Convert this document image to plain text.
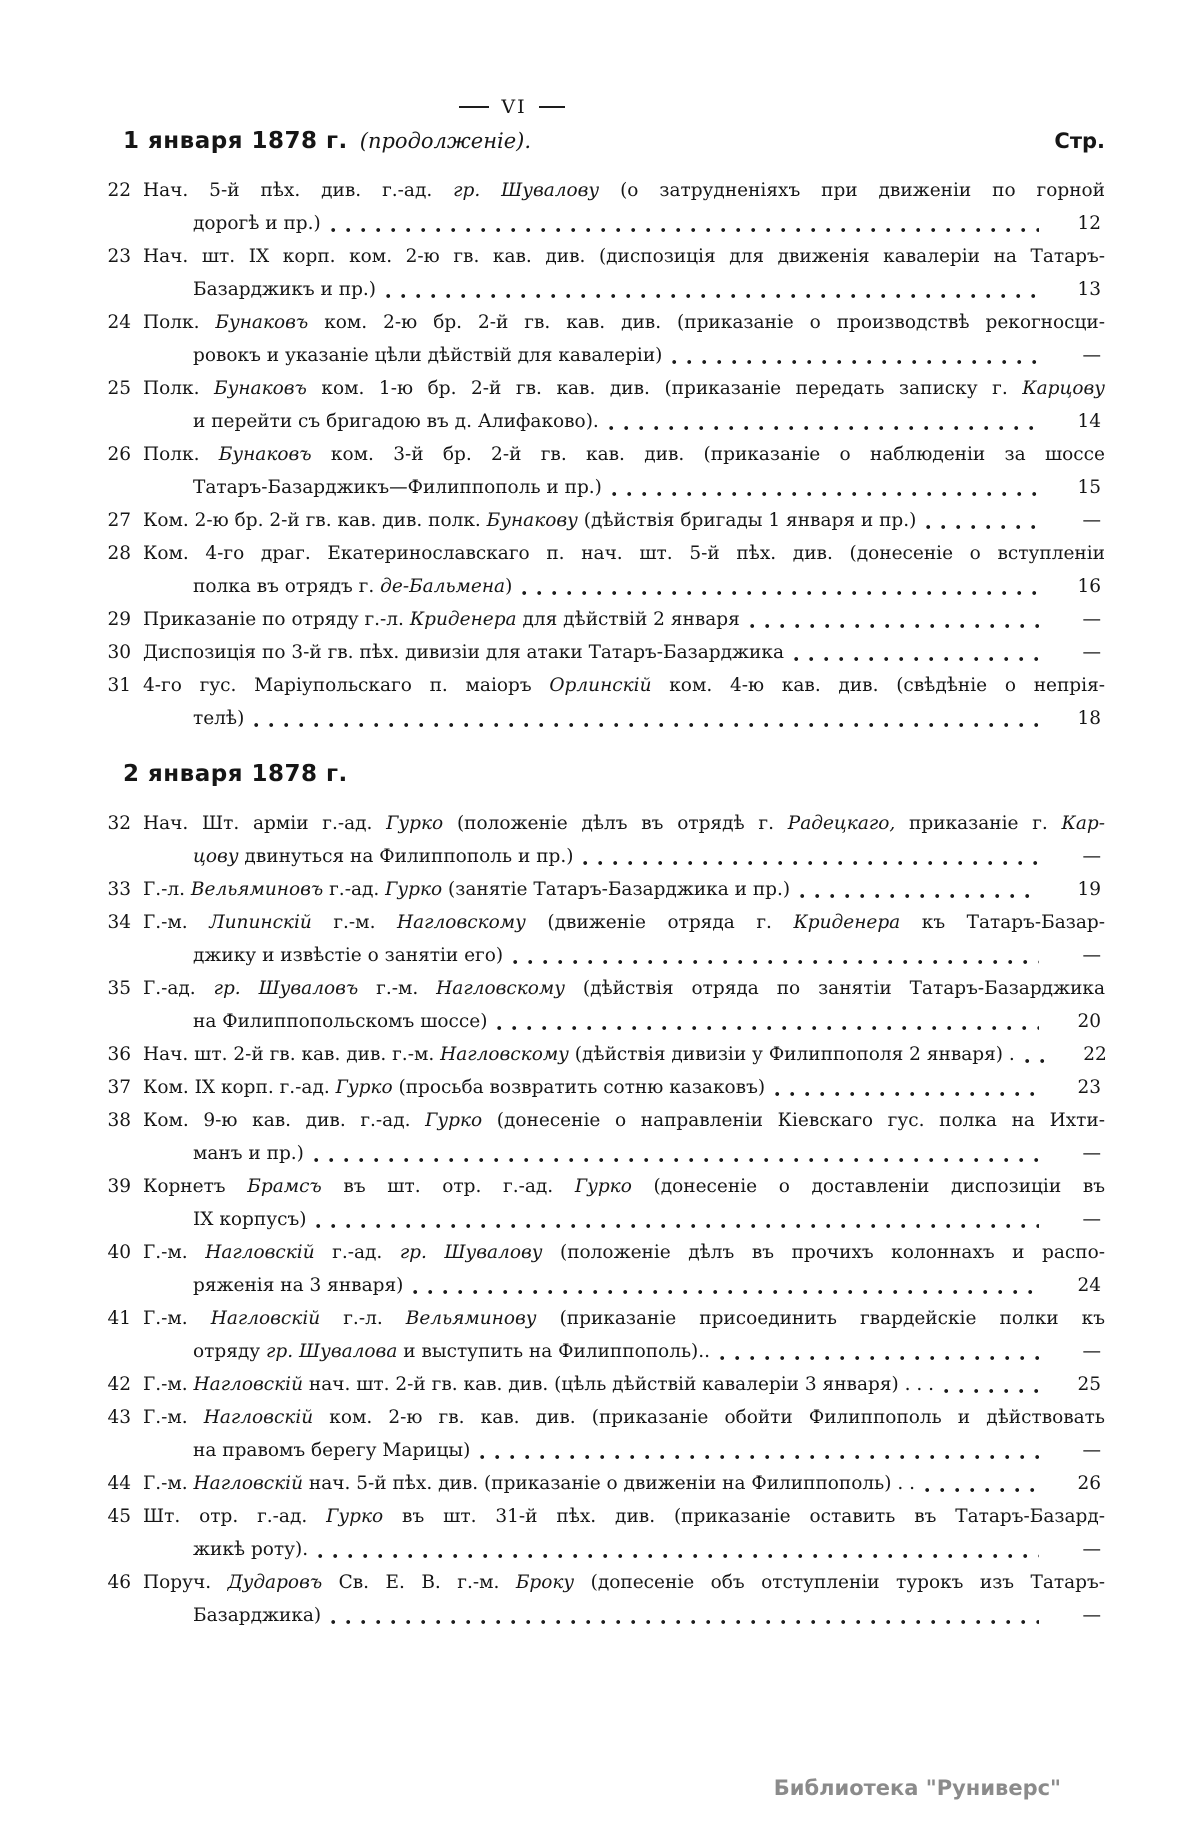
VI
1 января 1878 г. (продолженіе).	Стр.
22 Нач. 5-й пѣх. див. г.-ад. гр. Шувалову (о затрудненіяхъ при движеніи по горной
дорогѣ и пр.)	12
23 Нач. шт. IX корп. ком. 2-ю гв. кав. див. (диспозиція для движенія кавалеріи на Татаръ-
Базарджикъ и пр.)	13
24 Полк. Бунаковъ ком. 2-ю бр. 2-й гв. кав. див. (приказаніе о производствѣ рекогносци-
ровокъ и указаніе цѣли дѣйствій для кавалеріи)	—
25 Полк. Бунаковъ ком. 1-ю бр. 2-й гв. кав. див. (приказаніе передать записку г. Карцову
и перейти съ бригадою въ д. Алифаково).	14
26 Полк. Бунаковъ ком. 3-й бр. 2-й гв. кав. див. (приказаніе о наблюденіи за шоссе
Татаръ-Базарджикъ—Филиппополь и пр.)	15
27 Ком. 2-ю бр. 2-й гв. кав. див. полк. Бунакову (дѣйствія бригады 1 января и пр.)	—
28 Ком. 4-го драг. Екатеринославскаго п. нач. шт. 5-й пѣх. див. (донесеніе о вступленіи
полка въ отрядъ г. де-Бальмена)	16
29 Приказаніе по отряду г.-л. Криденера для дѣйствій 2 января	—
30 Диспозиція по 3-й гв. пѣх. дивизіи для атаки Татаръ-Базарджика	—
31 4-го гус. Маріупольскаго п. маіоръ Орлинскій ком. 4-ю кав. див. (свѣдѣніе о непрія-
телѣ)	18
2 января 1878 г.
32 Нач. Шт. арміи г.-ад. Гурко (положеніе дѣлъ въ отрядѣ г. Радецкаго, приказаніе г. Кар-
цову двинуться на Филиппополь и пр.)	—
33 Г.-л. Вельяминовъ г.-ад. Гурко (занятіе Татаръ-Базарджика и пр.)	19
34 Г.-м. Липинскій г.-м. Нагловскому (движеніе отряда г. Криденера къ Татаръ-Базар-
джику и извѣстіе о занятіи его)	—
35 Г.-ад. гр. Шуваловъ г.-м. Нагловскому (дѣйствія отряда по занятіи Татаръ-Базарджика
на Филиппопольскомъ шоссе)	20
36 Нач. шт. 2-й гв. кав. див. г.-м. Нагловскому (дѣйствія дивизіи у Филиппополя 2 января) .	22
37 Ком. IX корп. г.-ад. Гурко (просьба возвратить сотню казаковъ)	23
38 Ком. 9-ю кав. див. г.-ад. Гурко (донесеніе о направленіи Кіевскаго гус. полка на Ихти-
манъ и пр.)	—
39 Корнетъ Брамсъ въ шт. отр. г.-ад. Гурко (донесеніе о доставленіи диспозиціи въ
IX корпусъ)	—
40 Г.-м. Нагловскій г.-ад. гр. Шувалову (положеніе дѣлъ въ прочихъ колоннахъ и распо-
ряженія на 3 января)	24
41 Г.-м. Нагловскій г.-л. Вельяминову (приказаніе присоединить гвардейскіе полки къ
отряду гр. Шувалова и выступить на Филиппополь)..	—
42 Г.-м. Нагловскій нач. шт. 2-й гв. кав. див. (цѣль дѣйствій кавалеріи 3 января) . . .	25
43 Г.-м. Нагловскій ком. 2-ю гв. кав. див. (приказаніе обойти Филиппополь и дѣйствовать
на правомъ берегу Марицы)	—
44 Г.-м. Нагловскій нач. 5-й пѣх. див. (приказаніе о движеніи на Филиппополь) . .	26
45 Шт. отр. г.-ад. Гурко въ шт. 31-й пѣх. див. (приказаніе оставить въ Татаръ-Базард-
жикѣ роту).	—
46 Поруч. Дударовъ Св. Е. В. г.-м. Броку (допесеніе объ отступленіи турокъ изъ Татаръ-
Базарджика)	—
Библиотека "Руниверс"
